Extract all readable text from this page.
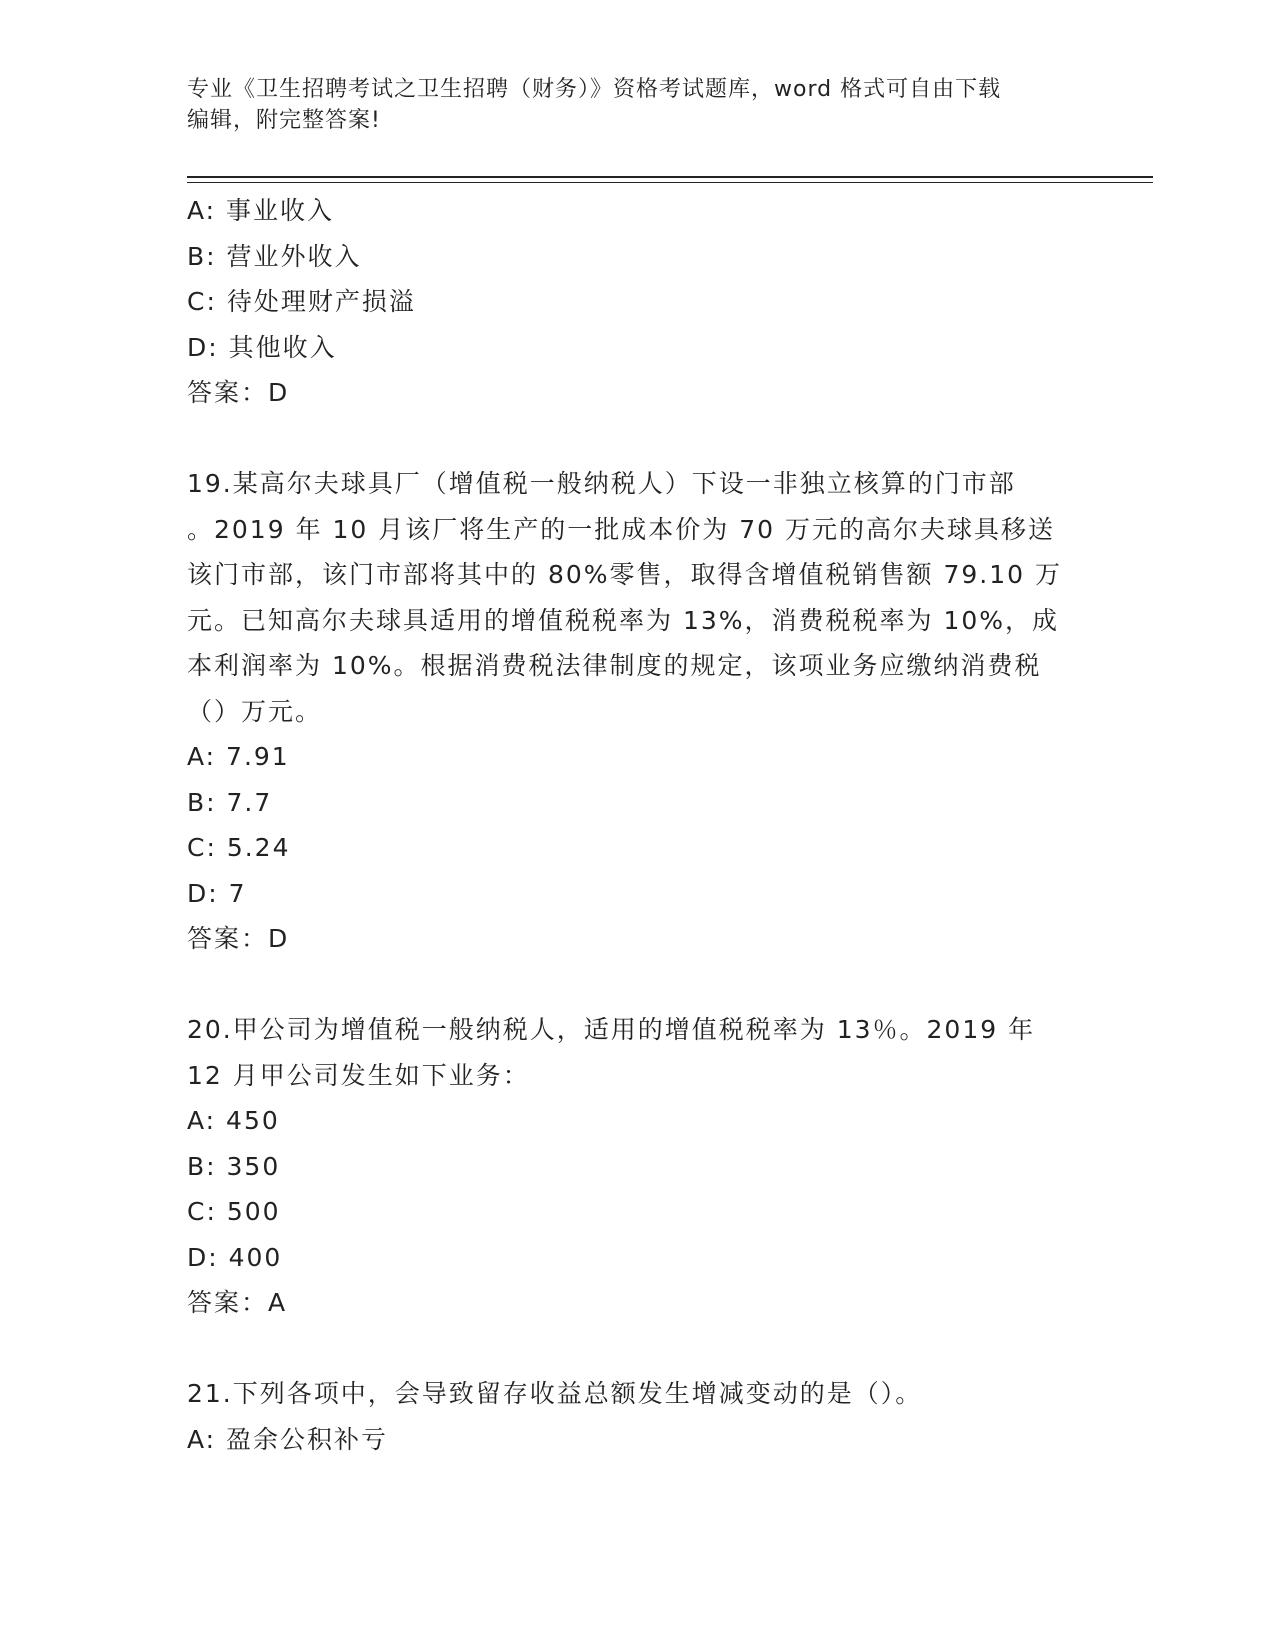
专业《卫生招聘考试之卫生招聘（财务）》资格考试题库，word 格式可自由下载
编辑，附完整答案!
A: 事业收入
B: 营业外收入
C: 待处理财产损溢
D: 其他收入
答案：D
19.某高尔夫球具厂（增值税一般纳税人）下设一非独立核算的门市部
。2019 年 10 月该厂将生产的一批成本价为 70 万元的高尔夫球具移送
该门市部，该门市部将其中的 80%零售，取得含增值税销售额 79.10 万
元。已知高尔夫球具适用的增值税税率为 13%，消费税税率为 10%，成
本利润率为 10%。根据消费税法律制度的规定，该项业务应缴纳消费税
（）万元。
A: 7.91
B: 7.7
C: 5.24
D: 7
答案：D
20.甲公司为增值税一般纳税人，适用的增值税税率为 13％。2019 年
12 月甲公司发生如下业务：
A: 450
B: 350
C: 500
D: 400
答案：A
21.下列各项中，会导致留存收益总额发生增减变动的是（）。
A: 盈余公积补亏
